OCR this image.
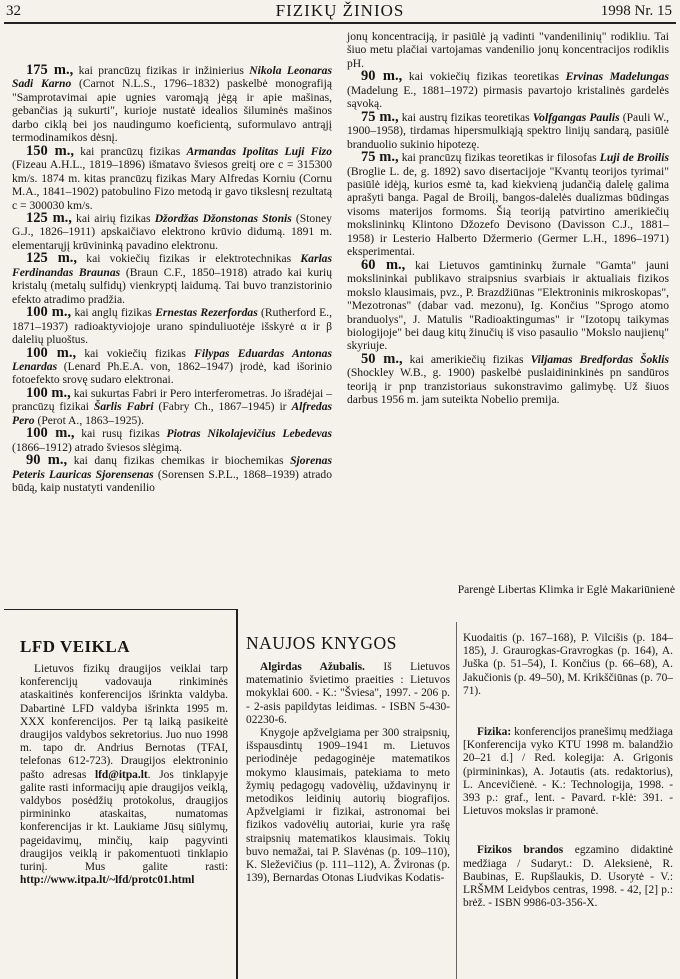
32	FIZIKŲ ŽINIOS	1998 Nr. 15

175 m., kai prancūzų fizikas ir inžinierius Nikola Leonaras Sadi Karno (Carnot N.L.S., 1796–1832) paskelbė monografiją "Samprotavimai apie ugnies varomąją jėgą ir apie mašinas, gebančias ją sukurti", kurioje nustatė idealios šiluminės mašinos darbo ciklą bei jos naudingumo koeficientą, suformulavo antrąjį termodinamikos dėsnį.

150 m., kai prancūzų fizikas Armandas Ipolitas Lujі Fizo (Fizeau A.H.L., 1819–1896) išmatavo šviesos greitį ore c = 315300 km/s. 1874 m. kitas prancūzų fizikas Mary Alfredas Korniu (Cornu M.A., 1841–1902) patobulino Fizo metodą ir gavo tikslesnį rezultatą c = 300030 km/s.

125 m., kai airių fizikas Džordžas Džonstonas Stonis (Stoney G.J., 1826–1911) apskaičiavo elektrono krūvio didumą. 1891 m. elementarųjį krūvininką pavadino elektronu.

125 m., kai vokiečių fizikas ir elektrotechnikas Karlas Ferdinandas Braunas (Braun C.F., 1850–1918) atrado kai kurių kristalų (metalų sulfidų) vienkryptį laidumą. Tai buvo tranzistorinio efekto atradimo pradžia.

100 m., kai anglų fizikas Ernestas Rezerfordas (Rutherford E., 1871–1937) radioaktyviojoje urano spinduliuotėje išskyrė α ir β dalelių pluoštus.

100 m., kai vokiečių fizikas Filypas Eduardas Antonas Lenardas (Lenard Ph.E.A. von, 1862–1947) įrodė, kad išorinio fotoefekto srovę sudaro elektronai.

100 m., kai sukurtas Fabri ir Pero interferometras. Jo išradėjai – prancūzų fizikai Šarlis Fabri (Fabry Ch., 1867–1945) ir Alfredas Pero (Perot A., 1863–1925).

100 m., kai rusų fizikas Piotras Nikolajevičius Lebedevas (1866–1912) atrado šviesos slėgimą.

90 m., kai danų fizikas chemikas ir biochemikas Sjorenas Peteris Lauricas Sjorensenas (Sorensen S.P.L., 1868–1939) atrado būdą, kaip nustatyti vandenilio

jonų koncentraciją, ir pasiūlė ją vadinti "vandenilinių" rodikliu. Tai šiuo metu plačiai vartojamas vandenilio jonų koncentracijos rodiklis pH.

90 m., kai vokiečių fizikas teoretikas Ervinas Madelungas (Madelung E., 1881–1972) pirmasis pavartojo kristalinės gardelės sąvoką.

75 m., kai austrų fizikas teoretikas Volfgangas Paulis (Pauli W., 1900–1958), tirdamas hipersmulkiąją spektro linijų sandarą, pasiūlė branduolio sukinio hipotezę.

75 m., kai prancūzų fizikas teoretikas ir filosofas Lujі de Broilis (Broglie L. de, g. 1892) savo disertacijoje "Kvantų teorijos tyrimai" pasiūlė idėją, kurios esmė ta, kad kiekvieną judančią dalelę galima aprašyti banga. Pagal de Broilį, bangos-dalelės dualizmas būdingas visoms materijos formoms. Šią teoriją patvirtino amerikiečių mokslininkų Klintono Džozefo Devisono (Davisson C.J., 1881–1958) ir Lesterio Halberto Džermerio (Germer L.H., 1896–1971) eksperimentai.

60 m., kai Lietuvos gamtininkų žurnale "Gamta" jauni mokslininkai publikavo straipsnius svarbiais ir aktualiais fizikos mokslo klausimais, pvz., P. Brazdžiūnas "Elektroninis mikroskopas", "Mezotronas" (dabar vad. mezonu), Ig. Končius "Sprogo atomo branduolys", J. Matulis "Radioaktingumas" ir "Izotopų taikymas biologijoje" bei daug kitų žinučių iš viso pasaulio "Mokslo naujienų" skyriuje.

50 m., kai amerikiečių fizikas Viljamas Bredfordas Šoklis (Shockley W.B., g. 1900) paskelbė puslaidininkinės pn sandūros teoriją ir pnp tranzistoriaus sukonstravimo galimybę. Už šiuos darbus 1956 m. jam suteikta Nobelio premija.

Parengė Libertas Klimka ir Eglė Makariūnienė
LFD VEIKLA

Lietuvos fizikų draugijos veiklai tarp konferencijų vadovauja rinkiminės ataskaitinės konferencijos išrinkta valdyba. Dabartinė LFD valdyba išrinkta 1995 m. XXX konferencijos. Per tą laiką pasikeitė draugijos valdybos sekretorius. Juo nuo 1998 m. tapo dr. Andrius Bernotas (TFAI, telefonas 612-723). Draugijos elektroninio pašto adresas lfd@itpa.lt. Jos tinklapyje galite rasti informacijų apie draugijos veiklą, valdybos posėdžių protokolus, draugijos pirmininko ataskaitas, numatomas konferencijas ir kt. Laukiame Jūsų siūlymų, pageidavimų, minčių, kaip pagyvinti draugijos veiklą ir pakomentuoti tinklapio turinį. Mus galite rasti: http://www.itpa.lt/~lfd/protc01.html

NAUJOS KNYGOS

Algirdas Ažubalis. Iš Lietuvos matematinio švietimo praeities : Lietuvos mokyklai 600. - K.: "Šviesa", 1997. - 206 p. - 2-asis papildytas leidimas. - ISBN 5-430-02230-6.

Knygoje apžvelgiama per 300 straipsnių, išspausdintų 1909–1941 m. Lietuvos periodinėje pedagoginėje matematikos mokymo klausimais, patekiama to meto žymių pedagogų vadovėlių, uždavinynų ir metodikos leidinių autorių biografijos. Apžvelgiami ir fizikai, astronomai bei fizikos vadovėlių autoriai, kurie yra rašę straipsnių matematikos klausimais. Tokių buvo nemažai, tai P. Slavėnas (p. 109–110), K. Sleževičius (p. 111–112), A. Žvironas (p. 139), Bernardas Otonas Liudvikas Kodatis-

Kuodaitis (p. 167–168), P. Vilcišis (p. 184–185), J. Graurogkas-Gravrogkas (p. 164), A. Juška (p. 51–54), I. Končius (p. 66–68), A. Jakučionis (p. 49–50), M. Krikščiūnas (p. 70–71).

Fizika: konferencijos pranešimų medžiaga [Konferencija vyko KTU 1998 m. balandžio 20–21 d.] / Red. kolegija: A. Grigonis (pirmininkas), A. Jotautis (ats. redaktorius), L. Ancevičienė. - K.: Technologija, 1998. - 393 p.: graf., lent. - Pavard. r-klė: 391. - Lietuvos mokslas ir pramonė.

Fizikos brandos egzamino didaktinė medžiaga / Sudaryt.: D. Aleksienė, R. Baubinas, E. Rupšlaukis, D. Usorytė - V.: LRŠMM Leidybos centras, 1998. - 42, [2] p.: brėž. - ISBN 9986-03-356-X.
